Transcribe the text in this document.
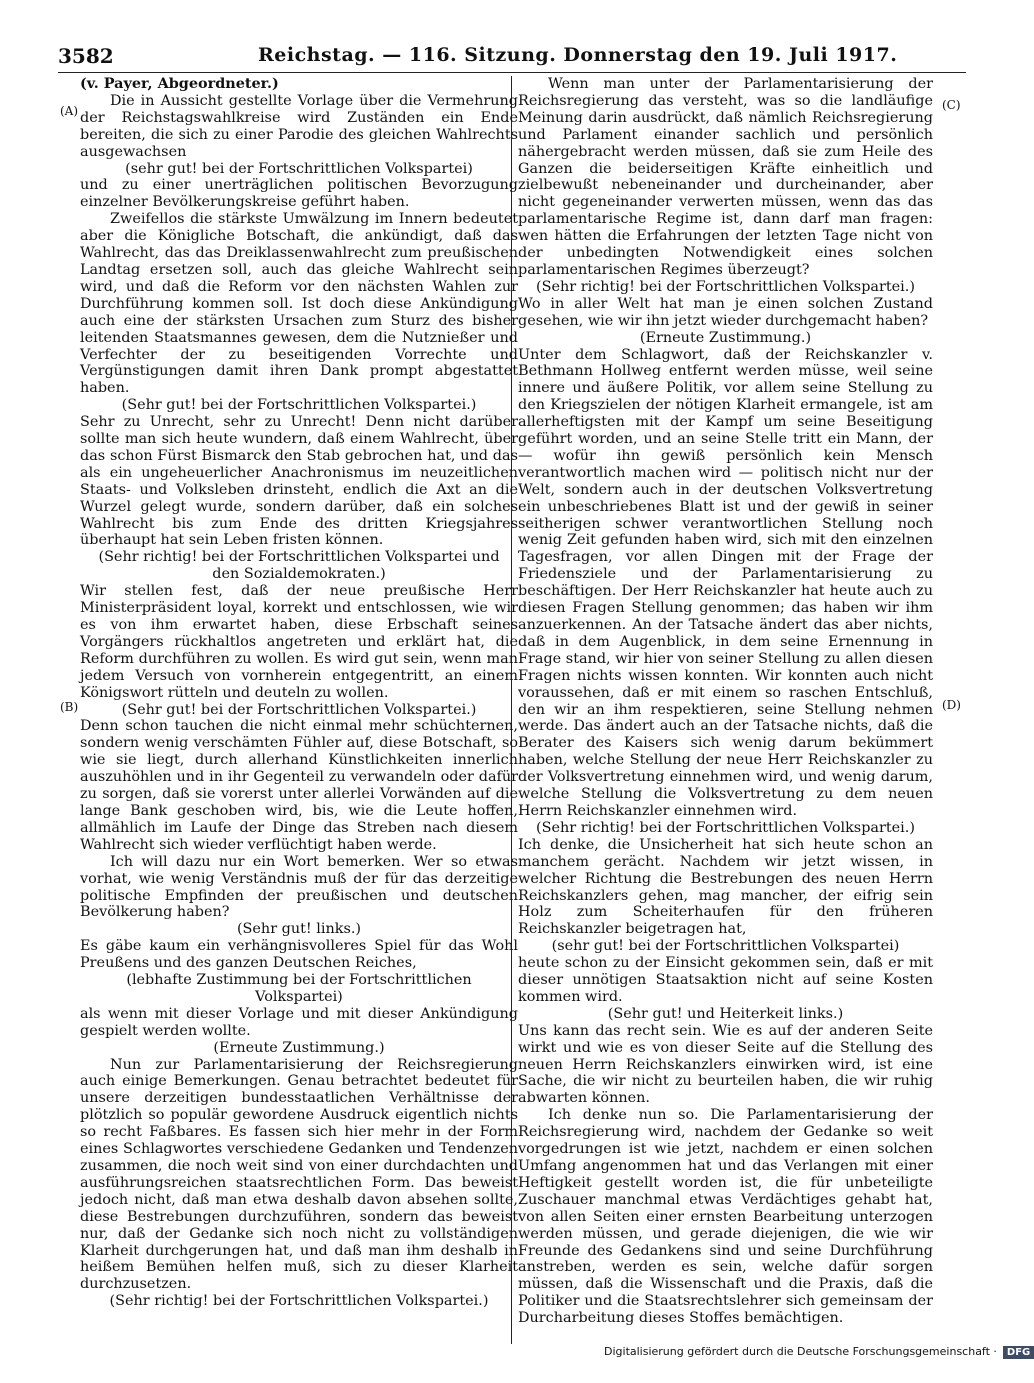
3582	Reichstag. — 116. Sitzung. Donnerstag den 19. Juli 1917.
(A)
(B)
(C)
(D)

(v. Payer, Abgeordneter.)

Die in Aussicht gestellte Vorlage über die Vermehrung der Reichstagswahlkreise wird Zuständen ein Ende bereiten, die sich zu einer Parodie des gleichen Wahlrechts ausgewachsen

(sehr gut! bei der Fortschrittlichen Volkspartei)

und zu einer unerträglichen politischen Bevorzugung einzelner Bevölkerungskreise geführt haben.

Zweifellos die stärkste Umwälzung im Innern bedeutet aber die Königliche Botschaft, die ankündigt, daß das Wahlrecht, das das Dreiklassenwahlrecht zum preußischen Landtag ersetzen soll, auch das gleiche Wahlrecht sein wird, und daß die Reform vor den nächsten Wahlen zur Durchführung kommen soll. Ist doch diese Ankündigung auch eine der stärksten Ursachen zum Sturz des bisher leitenden Staatsmannes gewesen, dem die Nutznießer und Verfechter der zu beseitigenden Vorrechte und Vergünstigungen damit ihren Dank prompt abgestattet haben.

(Sehr gut! bei der Fortschrittlichen Volkspartei.)

Sehr zu Unrecht, sehr zu Unrecht! Denn nicht darüber sollte man sich heute wundern, daß einem Wahlrecht, über das schon Fürst Bismarck den Stab gebrochen hat, und das als ein ungeheuerlicher Anachronismus im neuzeitlichen Staats- und Volksleben drinsteht, endlich die Axt an die Wurzel gelegt wurde, sondern darüber, daß ein solches Wahlrecht bis zum Ende des dritten Kriegsjahres überhaupt hat sein Leben fristen können.

(Sehr richtig! bei der Fortschrittlichen Volkspartei und den Sozialdemokraten.)

Wir stellen fest, daß der neue preußische Herr Ministerpräsident loyal, korrekt und entschlossen, wie wir es von ihm erwartet haben, diese Erbschaft seines Vorgängers rückhaltlos angetreten und erklärt hat, die Reform durchführen zu wollen. Es wird gut sein, wenn man jedem Versuch von vornherein entgegentritt, an einem Königswort rütteln und deuteln zu wollen.

(Sehr gut! bei der Fortschrittlichen Volkspartei.)

Denn schon tauchen die nicht einmal mehr schüchternen, sondern wenig verschämten Fühler auf, diese Botschaft, so wie sie liegt, durch allerhand Künstlichkeiten innerlich auszuhöhlen und in ihr Gegenteil zu verwandeln oder dafür zu sorgen, daß sie vorerst unter allerlei Vorwänden auf die lange Bank geschoben wird, bis, wie die Leute hoffen, allmählich im Laufe der Dinge das Streben nach diesem Wahlrecht sich wieder verflüchtigt haben werde.

Ich will dazu nur ein Wort bemerken. Wer so etwas vorhat, wie wenig Verständnis muß der für das derzeitige politische Empfinden der preußischen und deutschen Bevölkerung haben?

(Sehr gut! links.)

Es gäbe kaum ein verhängnisvolleres Spiel für das Wohl Preußens und des ganzen Deutschen Reiches,

(lebhafte Zustimmung bei der Fortschrittlichen Volkspartei)

als wenn mit dieser Vorlage und mit dieser Ankündigung gespielt werden wollte.

(Erneute Zustimmung.)

Nun zur Parlamentarisierung der Reichsregierung auch einige Bemerkungen. Genau betrachtet bedeutet für unsere derzeitigen bundesstaatlichen Verhältnisse der plötzlich so populär gewordene Ausdruck eigentlich nichts so recht Faßbares. Es fassen sich hier mehr in der Form eines Schlagwortes verschiedene Gedanken und Tendenzen zusammen, die noch weit sind von einer durchdachten und ausführungsreichen staatsrechtlichen Form. Das beweist jedoch nicht, daß man etwa deshalb davon absehen sollte, diese Bestrebungen durchzuführen, sondern das beweist nur, daß der Gedanke sich noch nicht zu vollständigen Klarheit durchgerungen hat, und daß man ihm deshalb in heißem Bemühen helfen muß, sich zu dieser Klarheit durchzusetzen.

(Sehr richtig! bei der Fortschrittlichen Volkspartei.)

Wenn man unter der Parlamentarisierung der Reichsregierung das versteht, was so die landläufige Meinung darin ausdrückt, daß nämlich Reichsregierung und Parlament einander sachlich und persönlich nähergebracht werden müssen, daß sie zum Heile des Ganzen die beiderseitigen Kräfte einheitlich und zielbewußt nebeneinander und durcheinander, aber nicht gegeneinander verwerten müssen, wenn das das parlamentarische Regime ist, dann darf man fragen: wen hätten die Erfahrungen der letzten Tage nicht von der unbedingten Notwendigkeit eines solchen parlamentarischen Regimes überzeugt?

(Sehr richtig! bei der Fortschrittlichen Volkspartei.)

Wo in aller Welt hat man je einen solchen Zustand gesehen, wie wir ihn jetzt wieder durchgemacht haben?

(Erneute Zustimmung.)

Unter dem Schlagwort, daß der Reichskanzler v. Bethmann Hollweg entfernt werden müsse, weil seine innere und äußere Politik, vor allem seine Stellung zu den Kriegszielen der nötigen Klarheit ermangele, ist am allerheftigsten mit der Kampf um seine Beseitigung geführt worden, und an seine Stelle tritt ein Mann, der — wofür ihn gewiß persönlich kein Mensch verantwortlich machen wird — politisch nicht nur der Welt, sondern auch in der deutschen Volksvertretung ein unbeschriebenes Blatt ist und der gewiß in seiner seitherigen schwer verantwortlichen Stellung noch wenig Zeit gefunden haben wird, sich mit den einzelnen Tagesfragen, vor allen Dingen mit der Frage der Friedensziele und der Parlamentarisierung zu beschäftigen. Der Herr Reichskanzler hat heute auch zu diesen Fragen Stellung genommen; das haben wir ihm anzuerkennen. An der Tatsache ändert das aber nichts, daß in dem Augenblick, in dem seine Ernennung in Frage stand, wir hier von seiner Stellung zu allen diesen Fragen nichts wissen konnten. Wir konnten auch nicht voraussehen, daß er mit einem so raschen Entschluß, den wir an ihm respektieren, seine Stellung nehmen werde. Das ändert auch an der Tatsache nichts, daß die Berater des Kaisers sich wenig darum bekümmert haben, welche Stellung der neue Herr Reichskanzler zu der Volksvertretung einnehmen wird, und wenig darum, welche Stellung die Volksvertretung zu dem neuen Herrn Reichskanzler einnehmen wird.

(Sehr richtig! bei der Fortschrittlichen Volkspartei.)

Ich denke, die Unsicherheit hat sich heute schon an manchem gerächt. Nachdem wir jetzt wissen, in welcher Richtung die Bestrebungen des neuen Herrn Reichskanzlers gehen, mag mancher, der eifrig sein Holz zum Scheiterhaufen für den früheren Reichskanzler beigetragen hat,

(sehr gut! bei der Fortschrittlichen Volkspartei)

heute schon zu der Einsicht gekommen sein, daß er mit dieser unnötigen Staatsaktion nicht auf seine Kosten kommen wird.

(Sehr gut! und Heiterkeit links.)

Uns kann das recht sein. Wie es auf der anderen Seite wirkt und wie es von dieser Seite auf die Stellung des neuen Herrn Reichskanzlers einwirken wird, ist eine Sache, die wir nicht zu beurteilen haben, die wir ruhig abwarten können.

Ich denke nun so. Die Parlamentarisierung der Reichsregierung wird, nachdem der Gedanke so weit vorgedrungen ist wie jetzt, nachdem er einen solchen Umfang angenommen hat und das Verlangen mit einer Heftigkeit gestellt worden ist, die für unbeteiligte Zuschauer manchmal etwas Verdächtiges gehabt hat, von allen Seiten einer ernsten Bearbeitung unterzogen werden müssen, und gerade diejenigen, die wie wir Freunde des Gedankens sind und seine Durchführung anstreben, werden es sein, welche dafür sorgen müssen, daß die Wissenschaft und die Praxis, daß die Politiker und die Staatsrechtslehrer sich gemeinsam der Durcharbeitung dieses Stoffes bemächtigen.

Digitalisierung gefördert durch die Deutsche Forschungsgemeinschaft · DFG
